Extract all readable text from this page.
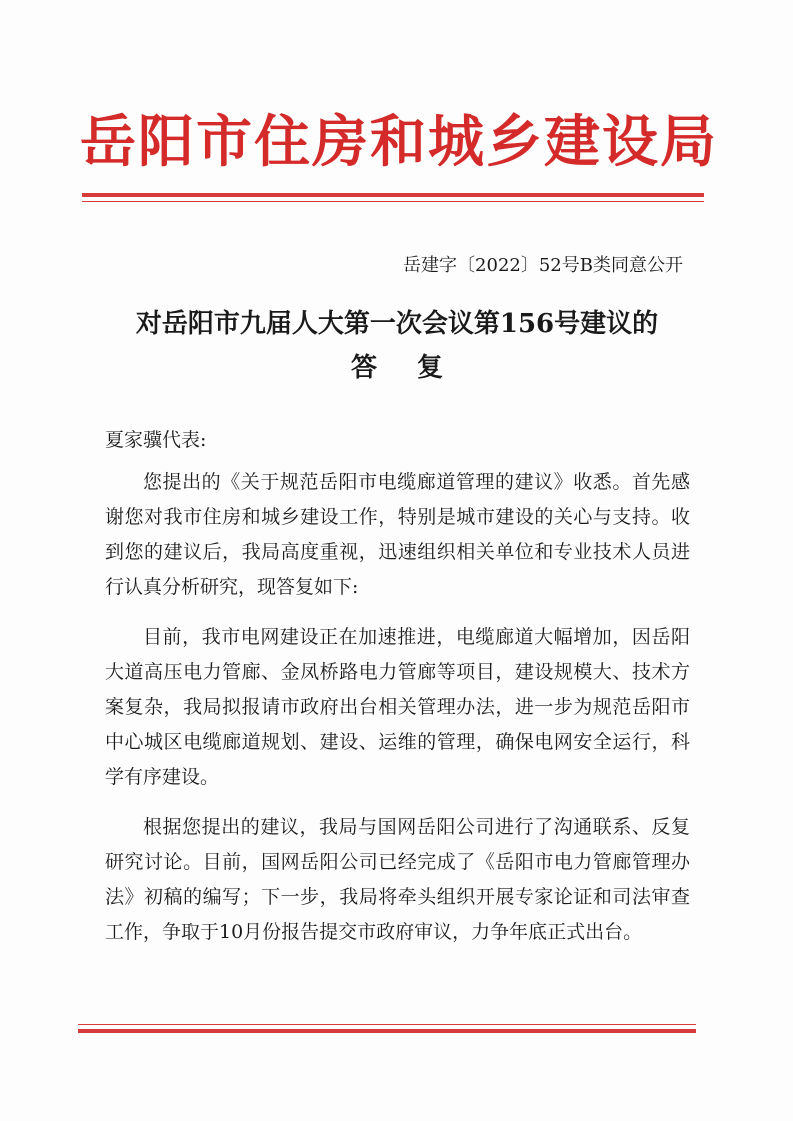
岳阳市住房和城乡建设局
岳建字〔2022〕52号B类同意公开
对岳阳市九届人大第一次会议第156号建议的
答复
夏家骥代表:

您提出的《关于规范岳阳市电缆廊道管理的建议》收悉。首先感谢您对我市住房和城乡建设工作，特别是城市建设的关心与支持。收到您的建议后，我局高度重视，迅速组织相关单位和专业技术人员进行认真分析研究，现答复如下:

目前，我市电网建设正在加速推进，电缆廊道大幅增加，因岳阳大道高压电力管廊、金凤桥路电力管廊等项目，建设规模大、技术方案复杂，我局拟报请市政府出台相关管理办法，进一步为规范岳阳市中心城区电缆廊道规划、建设、运维的管理，确保电网安全运行，科学有序建设。

根据您提出的建议，我局与国网岳阳公司进行了沟通联系、反复研究讨论。目前，国网岳阳公司已经完成了《岳阳市电力管廊管理办法》初稿的编写；下一步，我局将牵头组织开展专家论证和司法审查工作，争取于10月份报告提交市政府审议，力争年底正式出台。
